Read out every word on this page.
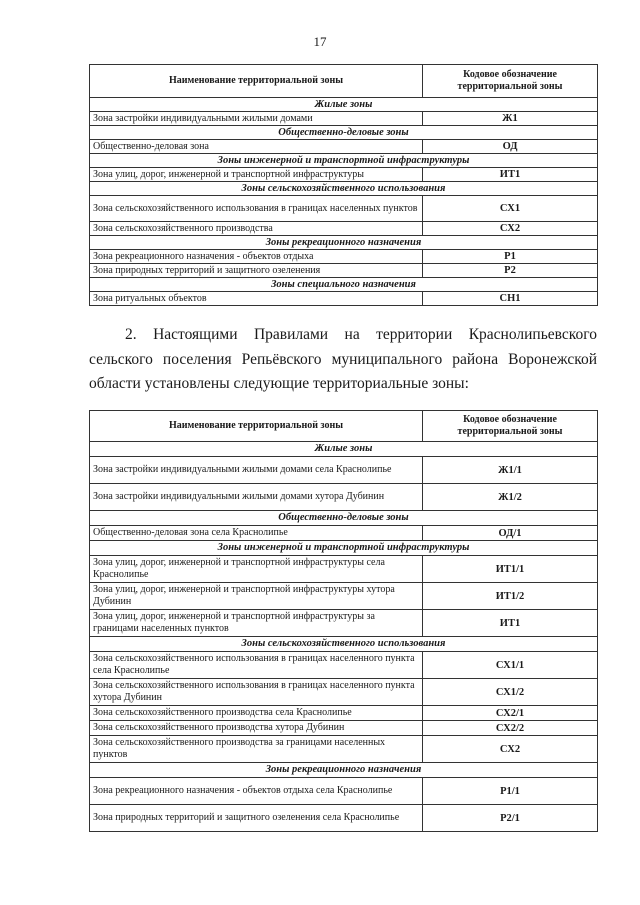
17
Наименование территориальной зоны	Кодовое обозначение территориальной зоны
Жилые зоны	
Зона застройки индивидуальными жилыми домами	Ж1
Общественно-деловые зоны	
Общественно-деловая зона	ОД
Зоны инженерной и транспортной инфраструктуры	
Зона улиц, дорог, инженерной и транспортной инфраструктуры	ИТ1
Зоны сельскохозяйственного использования	
Зона сельскохозяйственного использования в границах населенных пунктов	СХ1
Зона сельскохозяйственного производства	СХ2
Зоны рекреационного назначения	
Зона рекреационного назначения - объектов отдыха	Р1
Зона природных территорий и защитного озеленения	Р2
Зоны специального назначения	
Зона ритуальных объектов	СН1

2. Настоящими Правилами на территории Краснолипьевского сельского поселения Репьёвского муниципального района Воронежской области установлены следующие территориальные зоны:

Наименование территориальной зоны	Кодовое обозначение территориальной зоны
Жилые зоны	
Зона застройки индивидуальными жилыми домами села Краснолипье	Ж1/1
Зона застройки индивидуальными жилыми домами хутора Дубинин	Ж1/2
Общественно-деловые зоны	
Общественно-деловая зона села Краснолипье	ОД/1
Зоны инженерной и транспортной инфраструктуры	
Зона улиц, дорог, инженерной и транспортной инфраструктуры села Краснолипье	ИТ1/1
Зона улиц, дорог, инженерной и транспортной инфраструктуры хутора Дубинин	ИТ1/2
Зона улиц, дорог, инженерной и транспортной инфраструктуры за границами населенных пунктов	ИТ1
Зоны сельскохозяйственного использования	
Зона сельскохозяйственного использования в границах населенного пункта села Краснолипье	СХ1/1
Зона сельскохозяйственного использования в границах населенного пункта хутора Дубинин	СХ1/2
Зона сельскохозяйственного производства села Краснолипье	СХ2/1
Зона сельскохозяйственного производства хутора Дубинин	СХ2/2
Зона сельскохозяйственного производства за границами населенных пунктов	СХ2
Зоны рекреационного назначения	
Зона рекреационного назначения - объектов отдыха села Краснолипье	Р1/1
Зона природных территорий и защитного озеленения села Краснолипье	Р2/1
